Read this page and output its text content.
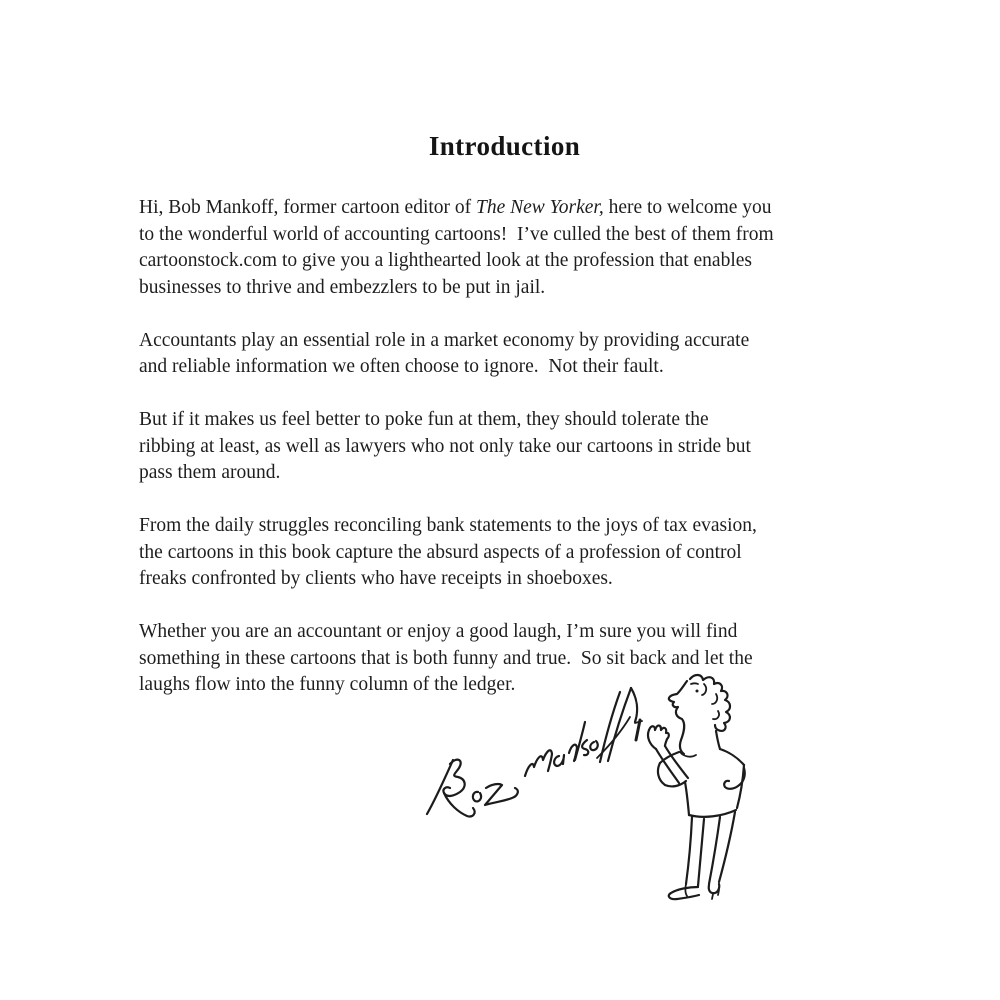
Introduction
Hi, Bob Mankoff, former cartoon editor of The New Yorker, here to welcome you
to the wonderful world of accounting cartoons!  I’ve culled the best of them from
cartoonstock.com to give you a lighthearted look at the profession that enables
businesses to thrive and embezzlers to be put in jail.
Accountants play an essential role in a market economy by providing accurate
and reliable information we often choose to ignore.  Not their fault.
But if it makes us feel better to poke fun at them, they should tolerate the
ribbing at least, as well as lawyers who not only take our cartoons in stride but
pass them around.
From the daily struggles reconciling bank statements to the joys of tax evasion,
the cartoons in this book capture the absurd aspects of a profession of control
freaks confronted by clients who have receipts in shoeboxes.
Whether you are an accountant or enjoy a good laugh, I’m sure you will find
something in these cartoons that is both funny and true.  So sit back and let the
laughs flow into the funny column of the ledger.
